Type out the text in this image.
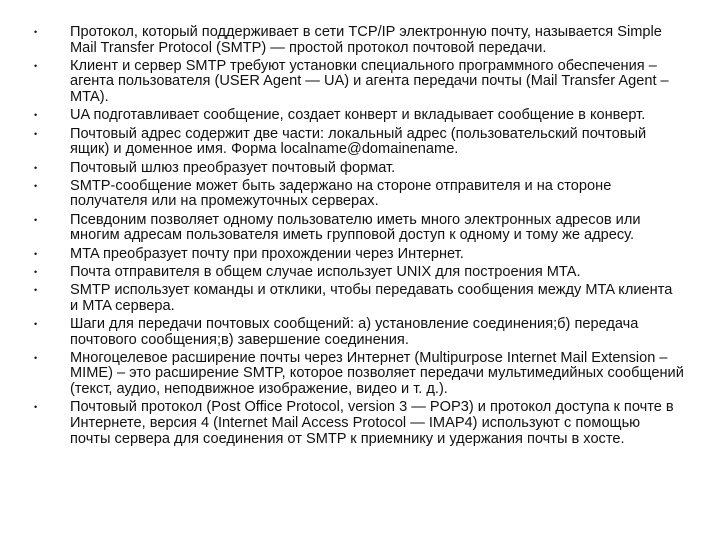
•	Протокол, который поддерживает в сети TCP/IP электронную почту, называется Simple Mail Transfer Protocol (SMTP) — простой протокол почтовой передачи.
•	Клиент и сервер SMTP требуют установки специального программного обеспечения – агента пользователя (USER Agent — UA) и агента передачи почты (Mail Transfer Agent – MTA).
•	UA подготавливает сообщение, создает конверт и вкладывает сообщение в конверт.
•	Почтовый адрес содержит две части: локальный адрес (пользовательский почтовый ящик) и доменное имя. Форма localname@domainename.
•	Почтовый шлюз преобразует почтовый формат.
•	SMTP-сообщение может быть задержано на стороне отправителя и на стороне получателя или на промежуточных серверах.
•	Псевдоним позволяет одному пользователю иметь много электронных адресов или многим адресам пользователя иметь групповой доступ к одному и тому же адресу.
•	MTA преобразует почту при прохождении через Интернет.
•	Почта отправителя в общем случае использует UNIX для построения MTA.
•	SMTP использует команды и отклики, чтобы передавать сообщения между MTA клиента и MTA сервера.
•	Шаги для передачи почтовых сообщений: а) установление соединения;б) передача почтового сообщения;в) завершение соединения.
•	Многоцелевое расширение почты через Интернет (Multipurpose Internet Mail Extension – MIME) – это расширение SMTP, которое позволяет передачи мультимедийных сообщений (текст, аудио, неподвижное изображение, видео и т. д.).
•	Почтовый протокол (Post Office Protocol, version 3 — POP3) и протокол доступа к почте в Интернете, версия 4 (Internet Mail Access Protocol — IMAP4) используют с помощью почты сервера для соединения от SMTP к приемнику и удержания почты в хосте.
